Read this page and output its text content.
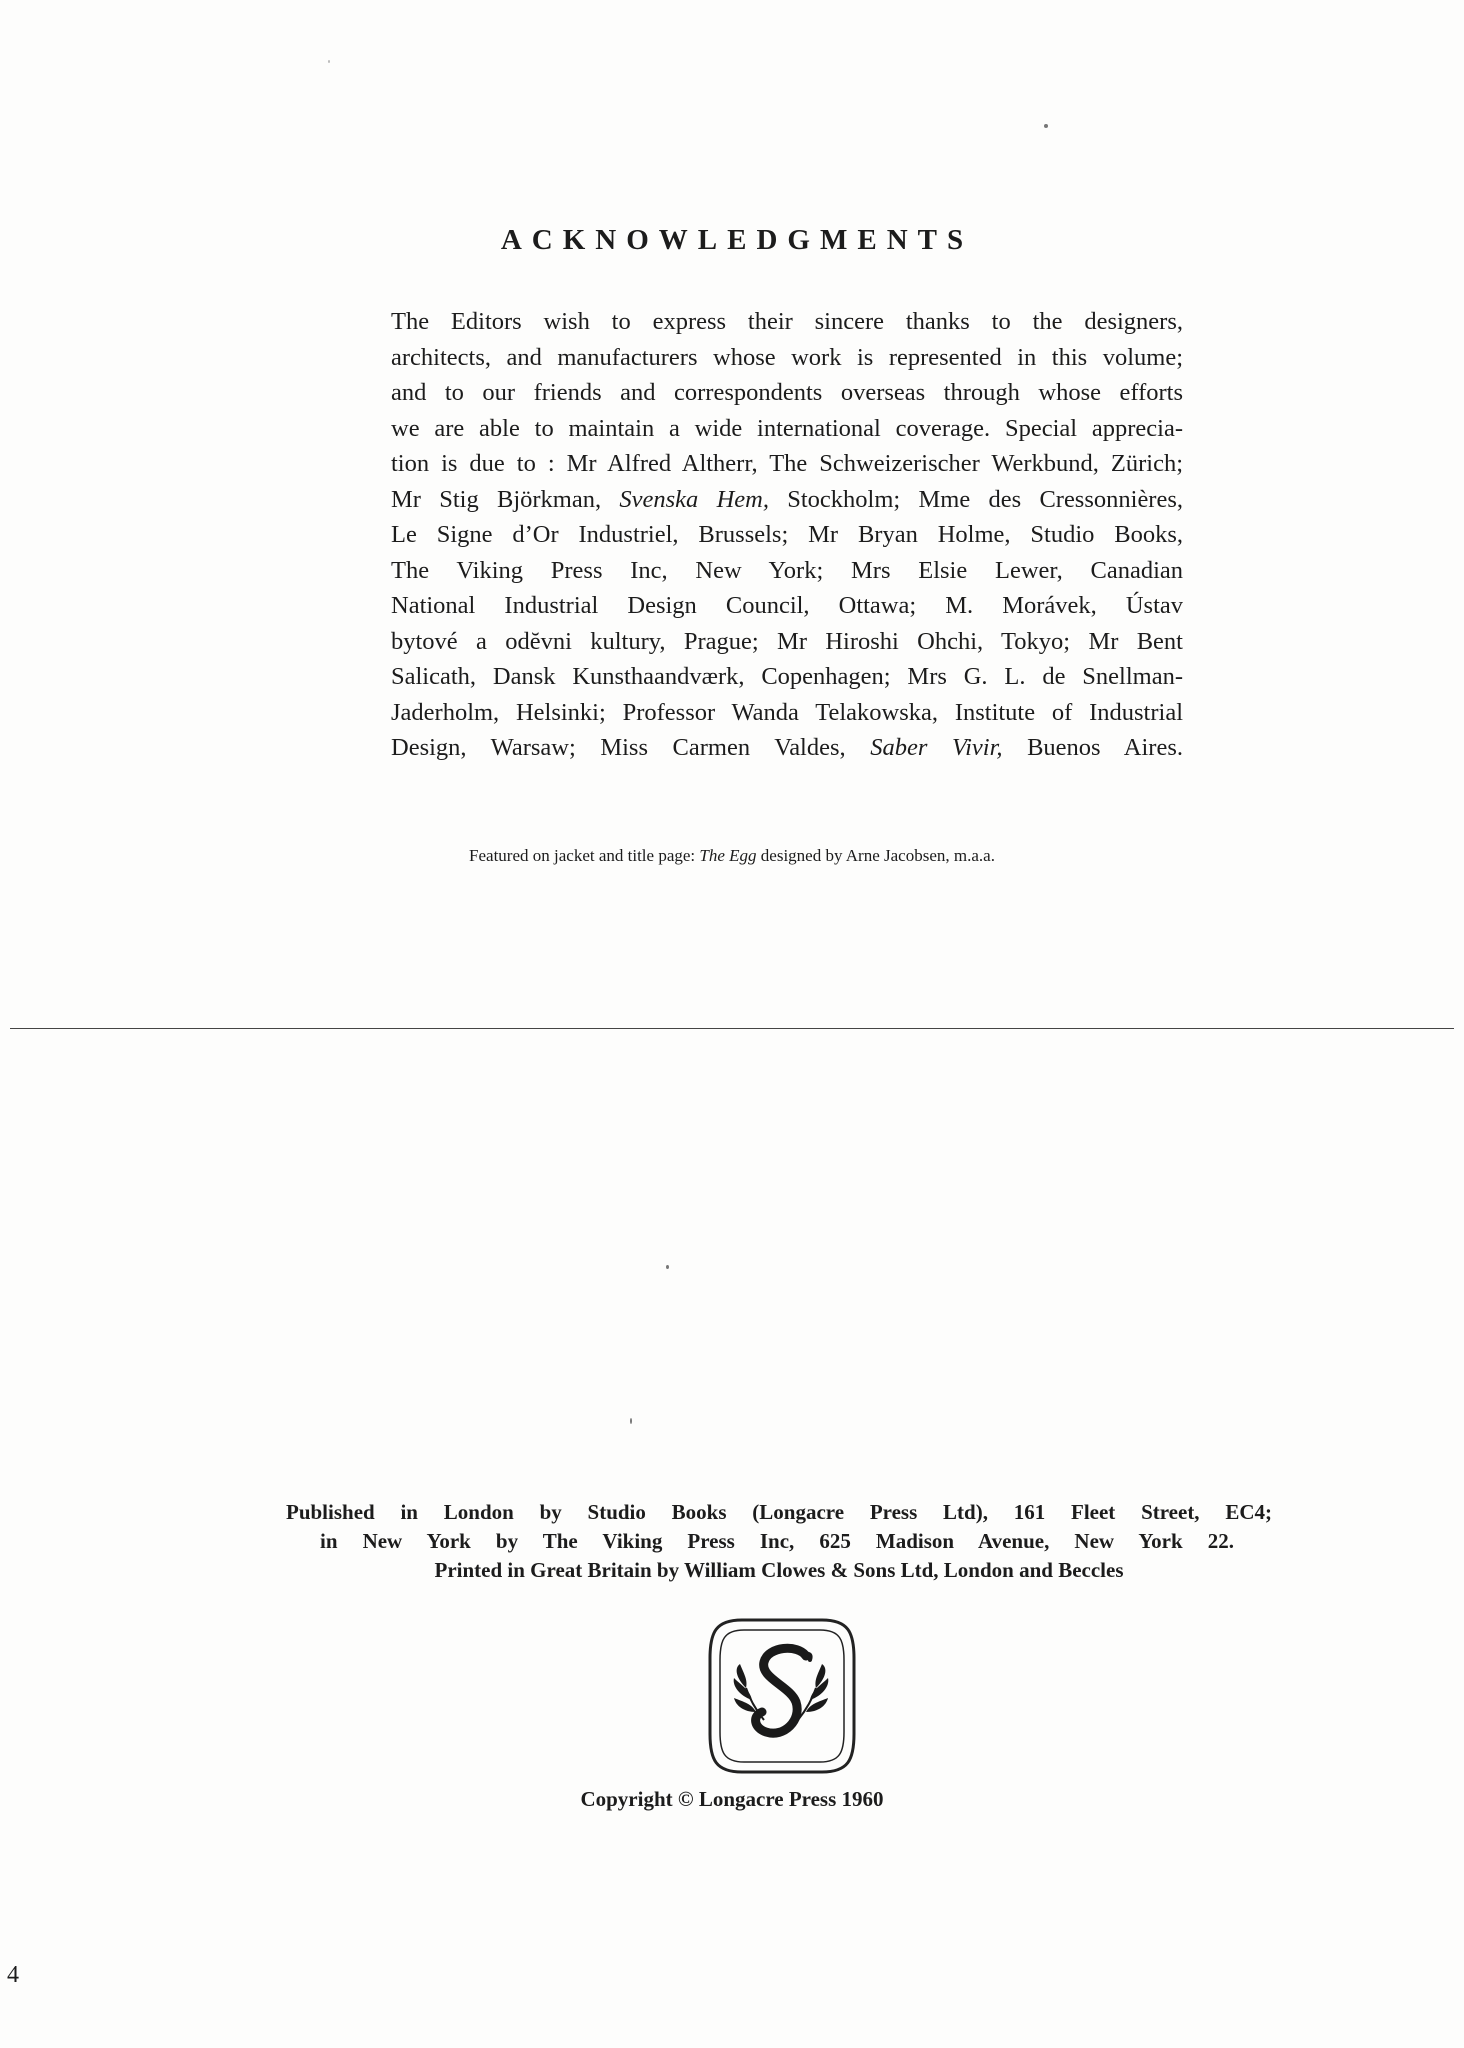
ACKNOWLEDGMENTS
The Editors wish to express their sincere thanks to the designers,
architects, and manufacturers whose work is represented in this volume;
and to our friends and correspondents overseas through whose efforts
we are able to maintain a wide international coverage. Special apprecia-
tion is due to : Mr Alfred Altherr, The Schweizerischer Werkbund, Zürich;
Mr Stig Björkman, Svenska Hem, Stockholm; Mme des Cressonnières,
Le Signe d’Or Industriel, Brussels; Mr Bryan Holme, Studio Books,
The Viking Press Inc, New York; Mrs Elsie Lewer, Canadian
National Industrial Design Council, Ottawa; M. Morávek, Ústav
bytové a odĕvni kultury, Prague; Mr Hiroshi Ohchi, Tokyo; Mr Bent
Salicath, Dansk Kunsthaandværk, Copenhagen; Mrs G. L. de Snellman-
Jaderholm, Helsinki; Professor Wanda Telakowska, Institute of Industrial
Design, Warsaw; Miss Carmen Valdes, Saber Vivir, Buenos Aires.
Featured on jacket and title page: The Egg designed by Arne Jacobsen, m.a.a.
Published in London by Studio Books (Longacre Press Ltd), 161 Fleet Street, EC4;
in New York by The Viking Press Inc, 625 Madison Avenue, New York 22.
Printed in Great Britain by William Clowes & Sons Ltd, London and Beccles
Copyright © Longacre Press 1960
4
